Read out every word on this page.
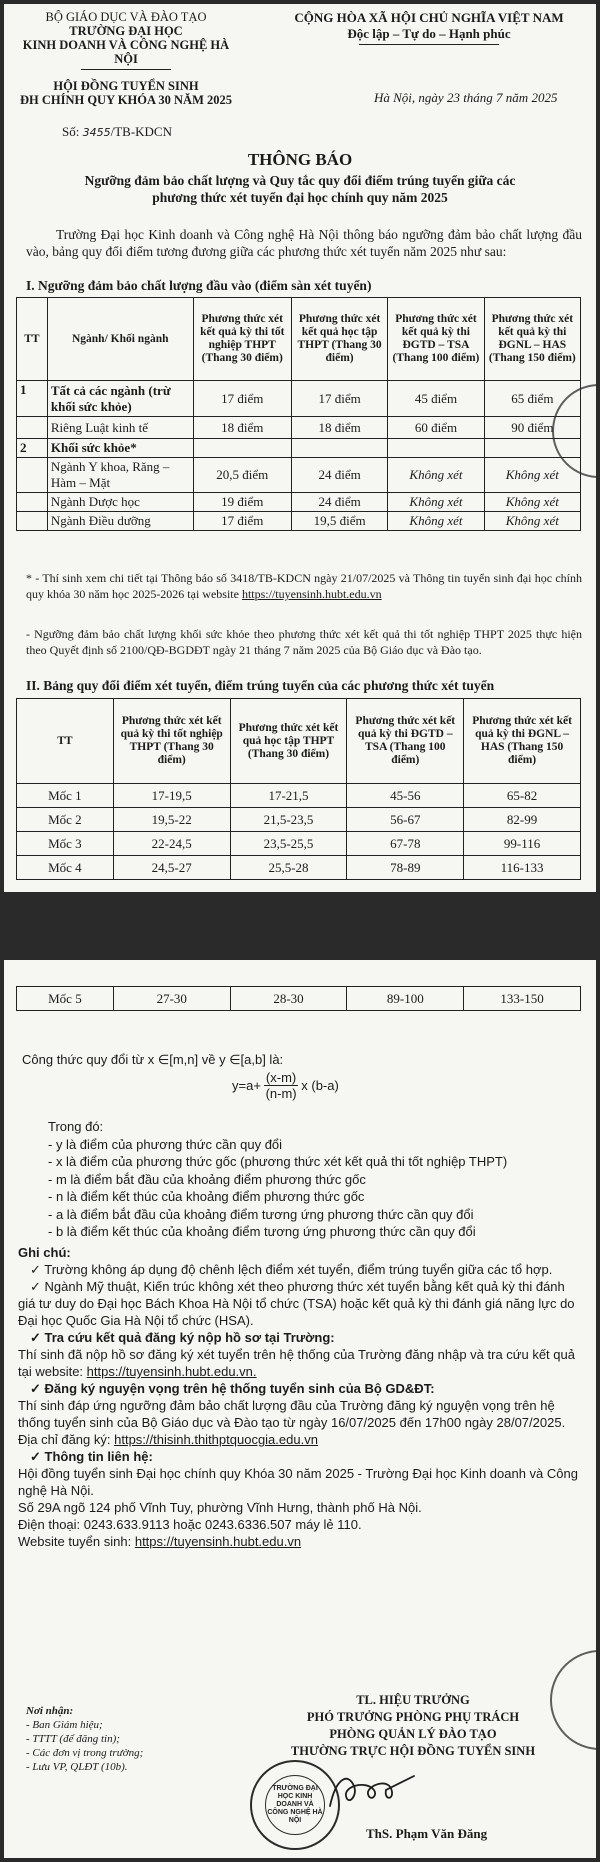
BỘ GIÁO DỤC VÀ ĐÀO TẠO
TRƯỜNG ĐẠI HỌC
KINH DOANH VÀ CÔNG NGHỆ HÀ NỘI
HỘI ĐỒNG TUYỂN SINH
ĐH CHÍNH QUY KHÓA 30 NĂM 2025
Số: 3455/TB-KDCN
CỘNG HÒA XÃ HỘI CHỦ NGHĨA VIỆT NAM
Độc lập – Tự do – Hạnh phúc
Hà Nội, ngày 23 tháng 7 năm 2025
THÔNG BÁO
Ngưỡng đảm bảo chất lượng và Quy tắc quy đổi điểm trúng tuyển giữa các
phương thức xét tuyển đại học chính quy năm 2025
Trường Đại học Kinh doanh và Công nghệ Hà Nội thông báo ngưỡng đảm bảo chất lượng đầu vào, bảng quy đổi điểm tương đương giữa các phương thức xét tuyển năm 2025 như sau:
I. Ngưỡng đảm bảo chất lượng đầu vào (điểm sàn xét tuyển)
TT	Ngành/ Khối ngành	Phương thức xét kết quả kỳ thi tốt nghiệp THPT (Thang 30 điểm)	Phương thức xét kết quả học tập THPT (Thang 30 điểm)	Phương thức xét kết quả kỳ thi ĐGTD – TSA (Thang 100 điểm)	Phương thức xét kết quả kỳ thi ĐGNL – HAS (Thang 150 điểm)
1	Tất cả các ngành (trừ khối sức khỏe)	17 điểm	17 điểm	45 điểm	65 điểm
	Riêng Luật kinh tế	18 điểm	18 điểm	60 điểm	90 điểm
2	Khối sức khỏe*				
	Ngành Y khoa, Răng – Hàm – Mặt	20,5 điểm	24 điểm	Không xét	Không xét
	Ngành Dược học	19 điểm	24 điểm	Không xét	Không xét
	Ngành Điều dưỡng	17 điểm	19,5 điểm	Không xét	Không xét
* - Thí sinh xem chi tiết tại Thông báo số 3418/TB-KDCN ngày 21/07/2025 và Thông tin tuyển sinh đại học chính quy khóa 30 năm học 2025-2026 tại website https://tuyensinh.hubt.edu.vn
- Ngưỡng đảm bảo chất lượng khối sức khỏe theo phương thức xét kết quả thi tốt nghiệp THPT 2025 thực hiện theo Quyết định số 2100/QĐ-BGDĐT ngày 21 tháng 7 năm 2025 của Bộ Giáo dục và Đào tạo.
II. Bảng quy đổi điểm xét tuyển, điểm trúng tuyển của các phương thức xét tuyển
TT	Phương thức xét kết quả kỳ thi tốt nghiệp THPT (Thang 30 điểm)	Phương thức xét kết quả học tập THPT (Thang 30 điểm)	Phương thức xét kết quả kỳ thi ĐGTD – TSA (Thang 100 điểm)	Phương thức xét kết quả kỳ thi ĐGNL – HAS (Thang 150 điểm)
Mốc 1	17-19,5	17-21,5	45-56	65-82
Mốc 2	19,5-22	21,5-23,5	56-67	82-99
Mốc 3	22-24,5	23,5-25,5	67-78	99-116
Mốc 4	24,5-27	25,5-28	78-89	116-133
Mốc 5	27-30	28-30	89-100	133-150
Công thức quy đổi từ x ∈[m,n] về y ∈[a,b] là:
$y=a+ \frac{(x-m)}{(n-m)}$ x (b-a)
Trong đó:
- y là điểm của phương thức cần quy đổi
- x là điểm của phương thức gốc (phương thức xét kết quả thi tốt nghiệp THPT)
- m là điểm bắt đầu của khoảng điểm phương thức gốc
- n là điểm kết thúc của khoảng điểm phương thức gốc
- a là điểm bắt đầu của khoảng điểm tương ứng phương thức cần quy đổi
- b là điểm kết thúc của khoảng điểm tương ứng phương thức cần quy đổi
Ghi chú:
✓ Trường không áp dụng độ chênh lệch điểm xét tuyển, điểm trúng tuyển giữa các tổ hợp.
✓ Ngành Mỹ thuật, Kiến trúc không xét theo phương thức xét tuyển bằng kết quả kỳ thi đánh giá tư duy do Đại học Bách Khoa Hà Nội tổ chức (TSA) hoặc kết quả kỳ thi đánh giá năng lực do Đại học Quốc Gia Hà Nội tổ chức (HSA).
✓ Tra cứu kết quả đăng ký nộp hồ sơ tại Trường:
Thí sinh đã nộp hồ sơ đăng ký xét tuyển trên hệ thống của Trường đăng nhập và tra cứu kết quả tại website: https://tuyensinh.hubt.edu.vn.
✓ Đăng ký nguyện vọng trên hệ thống tuyển sinh của Bộ GD&ĐT:
Thí sinh đáp ứng ngưỡng đảm bảo chất lượng đầu của Trường đăng ký nguyện vọng trên hệ thống tuyển sinh của Bộ Giáo dục và Đào tạo từ ngày 16/07/2025 đến 17h00 ngày 28/07/2025. Địa chỉ đăng ký: https://thisinh.thithptquocgia.edu.vn
✓ Thông tin liên hệ:
Hội đồng tuyển sinh Đại học chính quy Khóa 30 năm 2025 - Trường Đại học Kinh doanh và Công nghệ Hà Nội.
Số 29A ngõ 124 phố Vĩnh Tuy, phường Vĩnh Hưng, thành phố Hà Nội.
Điện thoại: 0243.633.9113 hoặc 0243.6336.507 máy lẻ 110.
Website tuyển sinh: https://tuyensinh.hubt.edu.vn
Nơi nhận:
- Ban Giám hiệu;
- TTTT (để đăng tin);
- Các đơn vị trong trường;
- Lưu VP, QLĐT (10b).
TL. HIỆU TRƯỞNG
PHÓ TRƯỞNG PHÒNG PHỤ TRÁCH
PHÒNG QUẢN LÝ ĐÀO TẠO
THƯỜNG TRỰC HỘI ĐỒNG TUYỂN SINH
TRƯỜNG ĐẠI HỌC KINH DOANH VÀ CÔNG NGHỆ HÀ NỘI
ThS. Phạm Văn Đăng
